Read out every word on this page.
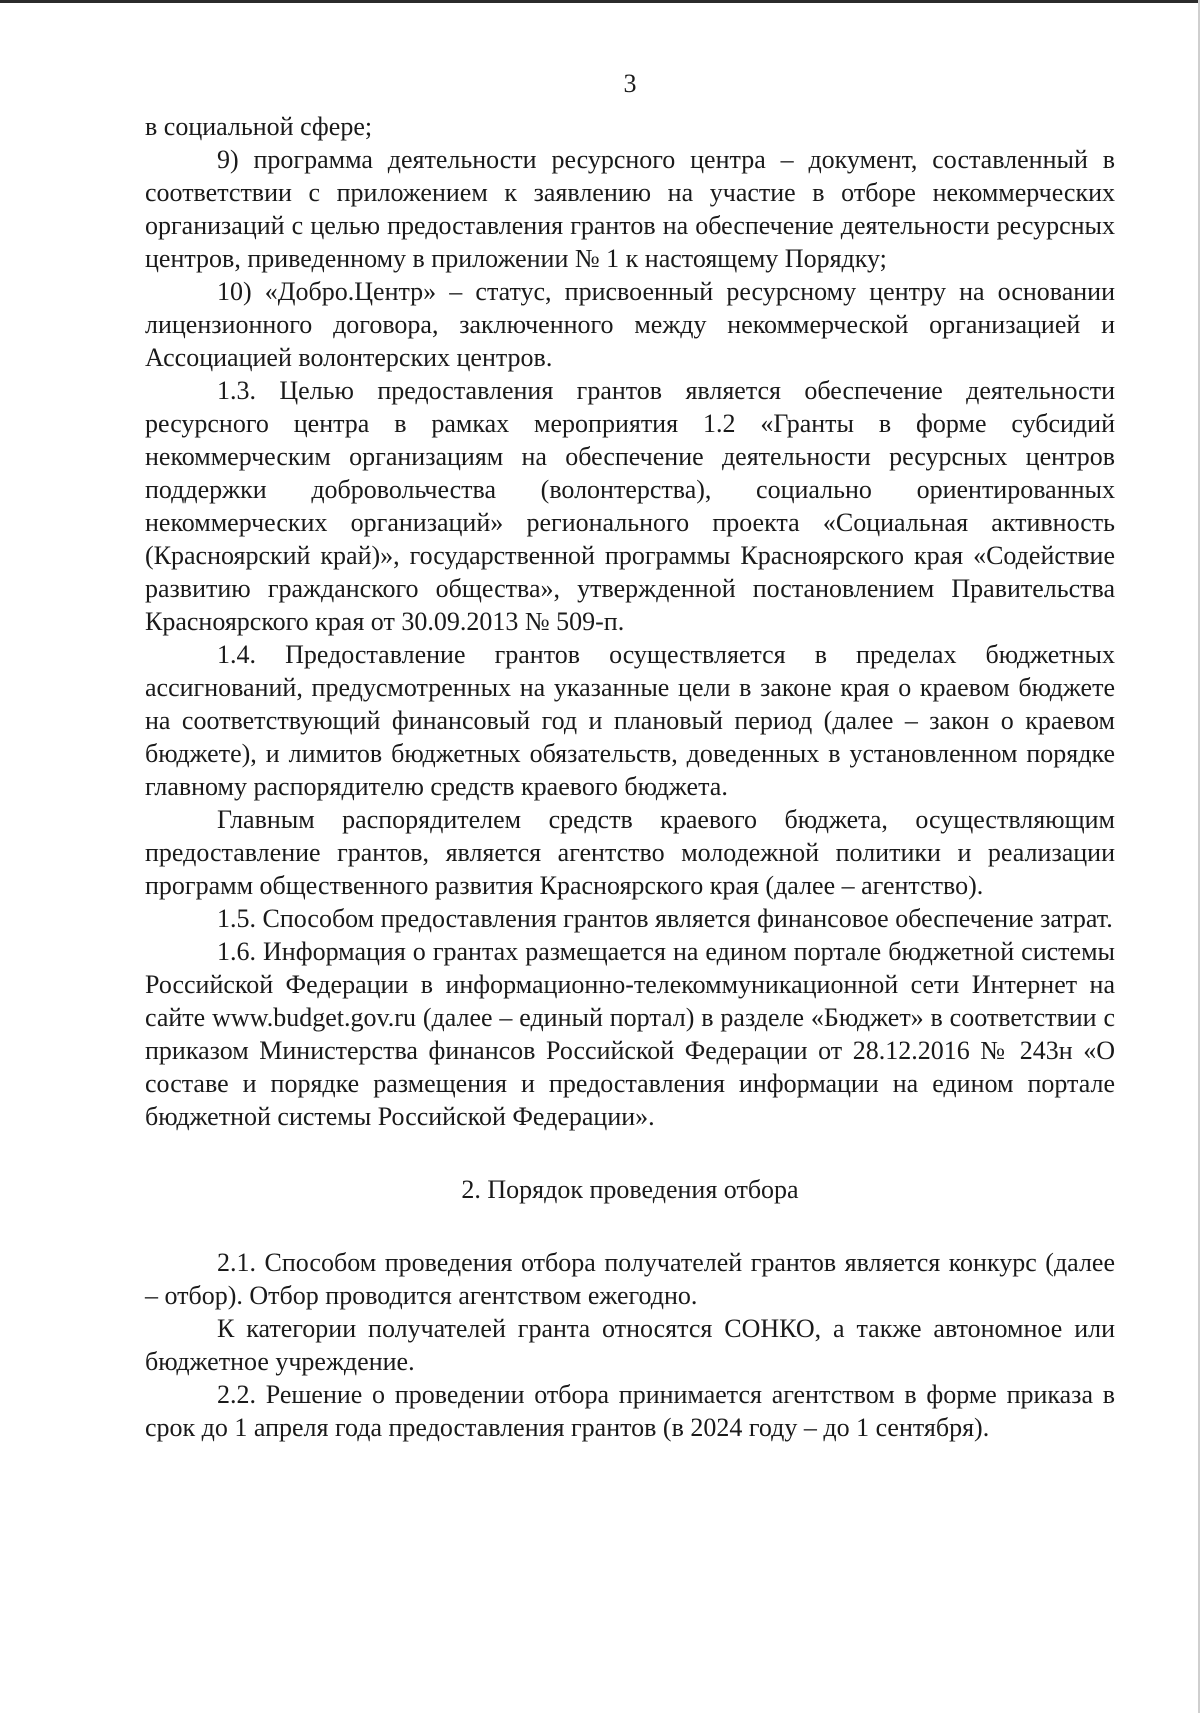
3

в социальной сфере;

9) программа деятельности ресурсного центра – документ, составленный в соответствии с приложением к заявлению на участие в отборе некоммерческих организаций с целью предоставления грантов на обеспечение деятельности ресурсных центров, приведенному в приложении № 1 к настоящему Порядку;

10) «Добро.Центр» – статус, присвоенный ресурсному центру на основании лицензионного договора, заключенного между некоммерческой организацией и Ассоциацией волонтерских центров.

1.3. Целью предоставления грантов является обеспечение деятельности ресурсного центра в рамках мероприятия 1.2 «Гранты в форме субсидий некоммерческим организациям на обеспечение деятельности ресурсных центров поддержки добровольчества (волонтерства), социально ориентированных некоммерческих организаций» регионального проекта «Социальная активность (Красноярский край)», государственной программы Красноярского края «Содействие развитию гражданского общества», утвержденной постановлением Правительства Красноярского края от 30.09.2013 № 509-п.

1.4. Предоставление грантов осуществляется в пределах бюджетных ассигнований, предусмотренных на указанные цели в законе края о краевом бюджете на соответствующий финансовый год и плановый период (далее – закон о краевом бюджете), и лимитов бюджетных обязательств, доведенных в установленном порядке главному распорядителю средств краевого бюджета.

Главным распорядителем средств краевого бюджета, осуществляющим предоставление грантов, является агентство молодежной политики и реализации программ общественного развития Красноярского края (далее – агентство).

1.5. Способом предоставления грантов является финансовое обеспечение затрат.

1.6. Информация о грантах размещается на едином портале бюджетной системы Российской Федерации в информационно-телекоммуникационной сети Интернет на сайте www.budget.gov.ru (далее – единый портал) в разделе «Бюджет» в соответствии с приказом Министерства финансов Российской Федерации от 28.12.2016 № 243н «О составе и порядке размещения и предоставления информации на едином портале бюджетной системы Российской Федерации».

2. Порядок проведения отбора

2.1. Способом проведения отбора получателей грантов является конкурс (далее – отбор). Отбор проводится агентством ежегодно.

К категории получателей гранта относятся СОНКО, а также автономное или бюджетное учреждение.

2.2. Решение о проведении отбора принимается агентством в форме приказа в срок до 1 апреля года предоставления грантов (в 2024 году – до 1 сентября).
